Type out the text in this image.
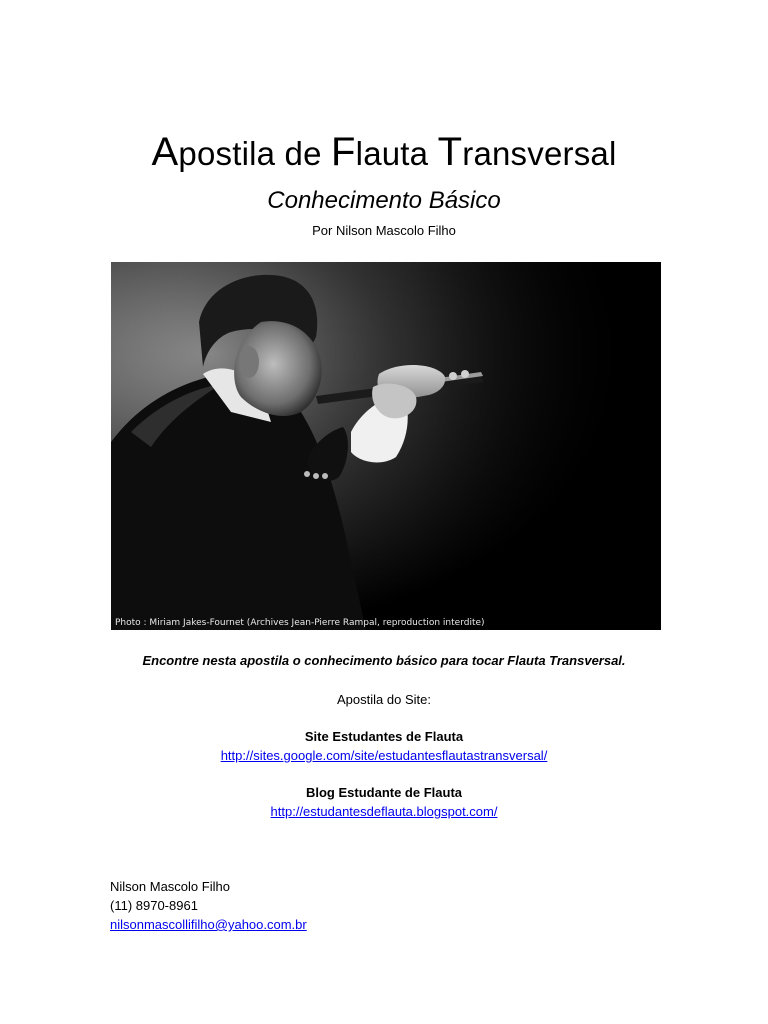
Apostila de Flauta Transversal
Conhecimento Básico
Por Nilson Mascolo Filho
Photo : Miriam Jakes-Fournet (Archives Jean-Pierre Rampal, reproduction interdite)
Encontre nesta apostila o conhecimento básico para tocar Flauta Transversal.
Apostila do Site:
Site Estudantes de Flauta
http://sites.google.com/site/estudantesflautastransversal/
Blog Estudante de Flauta
http://estudantesdeflauta.blogspot.com/
Nilson Mascolo Filho
(11) 8970-8961
nilsonmascollifilho@yahoo.com.br
